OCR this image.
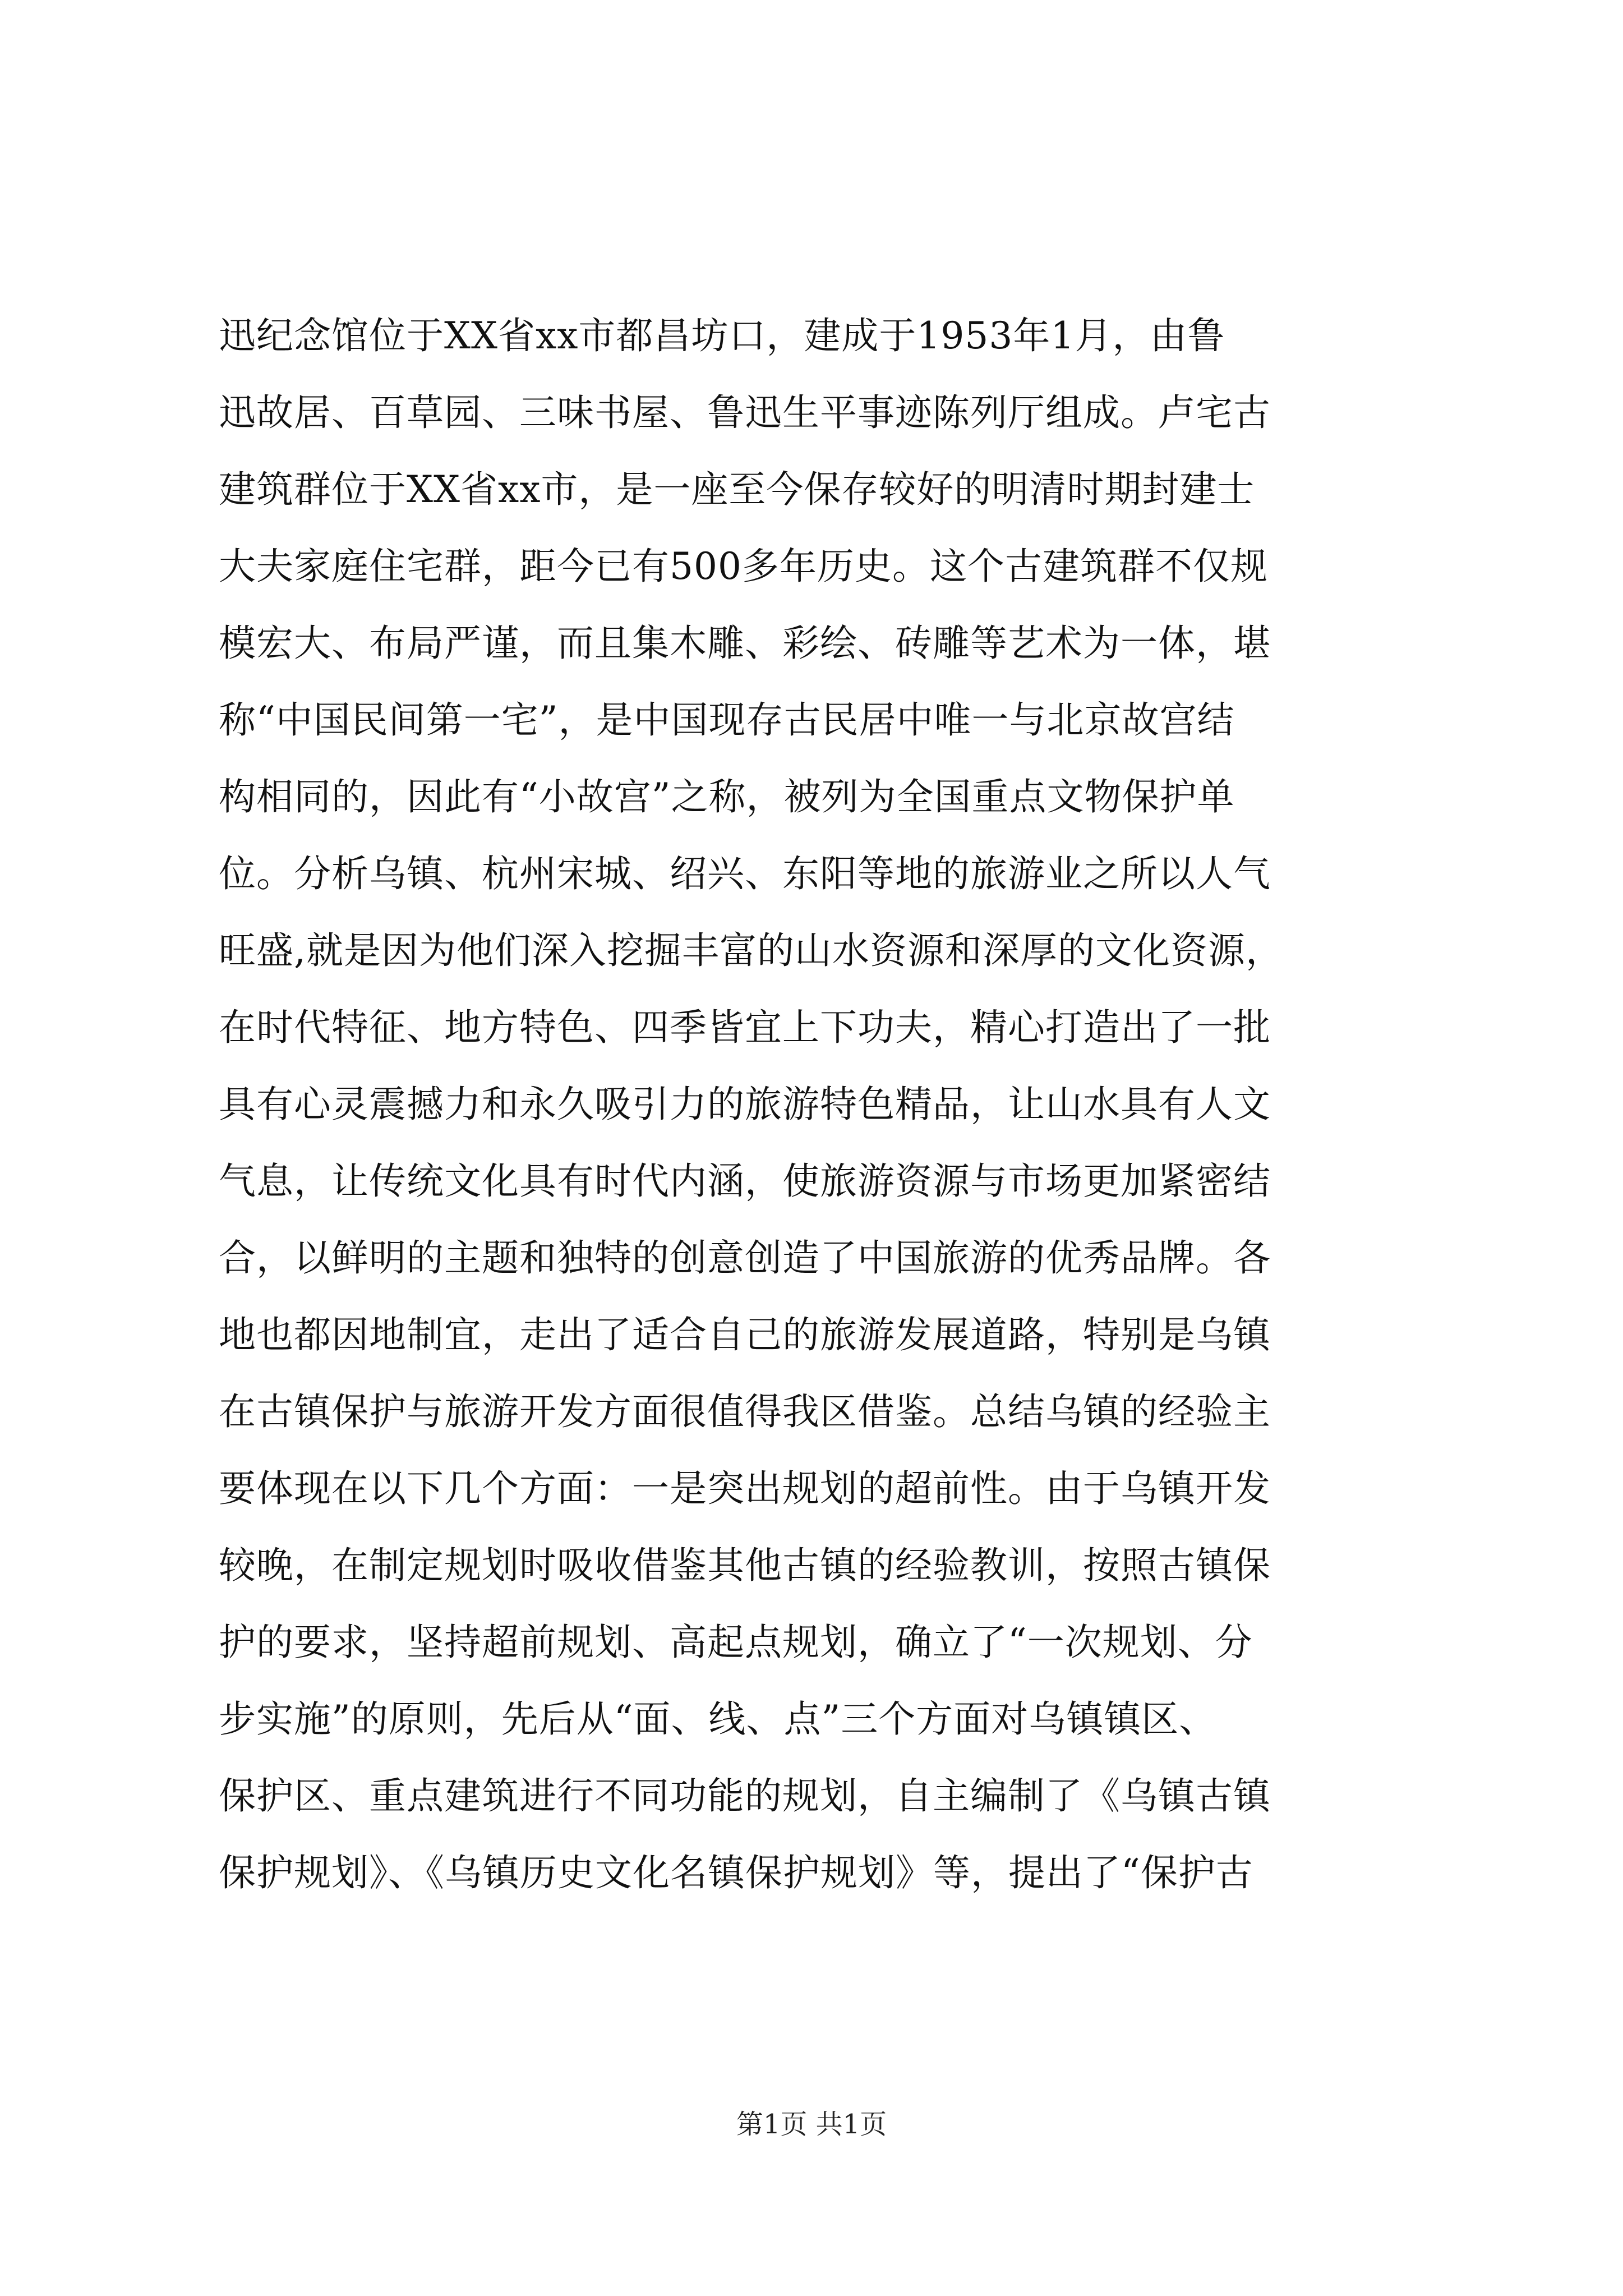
迅纪念馆位于XX省xx市都昌坊口，建成于1953年1月，由鲁
迅故居、百草园、三味书屋、鲁迅生平事迹陈列厅组成。卢宅古
建筑群位于XX省xx市，是一座至今保存较好的明清时期封建士
大夫家庭住宅群，距今已有500多年历史。这个古建筑群不仅规
模宏大、布局严谨，而且集木雕、彩绘、砖雕等艺术为一体，堪
称“中国民间第一宅”，是中国现存古民居中唯一与北京故宫结
构相同的，因此有“小故宫”之称，被列为全国重点文物保护单
位。分析乌镇、杭州宋城、绍兴、东阳等地的旅游业之所以人气
旺盛,就是因为他们深入挖掘丰富的山水资源和深厚的文化资源，
在时代特征、地方特色、四季皆宜上下功夫，精心打造出了一批
具有心灵震撼力和永久吸引力的旅游特色精品，让山水具有人文
气息，让传统文化具有时代内涵，使旅游资源与市场更加紧密结
合，以鲜明的主题和独特的创意创造了中国旅游的优秀品牌。各
地也都因地制宜，走出了适合自己的旅游发展道路，特别是乌镇
在古镇保护与旅游开发方面很值得我区借鉴。总结乌镇的经验主
要体现在以下几个方面：一是突出规划的超前性。由于乌镇开发
较晚，在制定规划时吸收借鉴其他古镇的经验教训，按照古镇保
护的要求，坚持超前规划、高起点规划，确立了“一次规划、分
步实施”的原则，先后从“面、线、点”三个方面对乌镇镇区、
保护区、重点建筑进行不同功能的规划，自主编制了《乌镇古镇
保护规划》、《乌镇历史文化名镇保护规划》等，提出了“保护古
第1页 共1页
